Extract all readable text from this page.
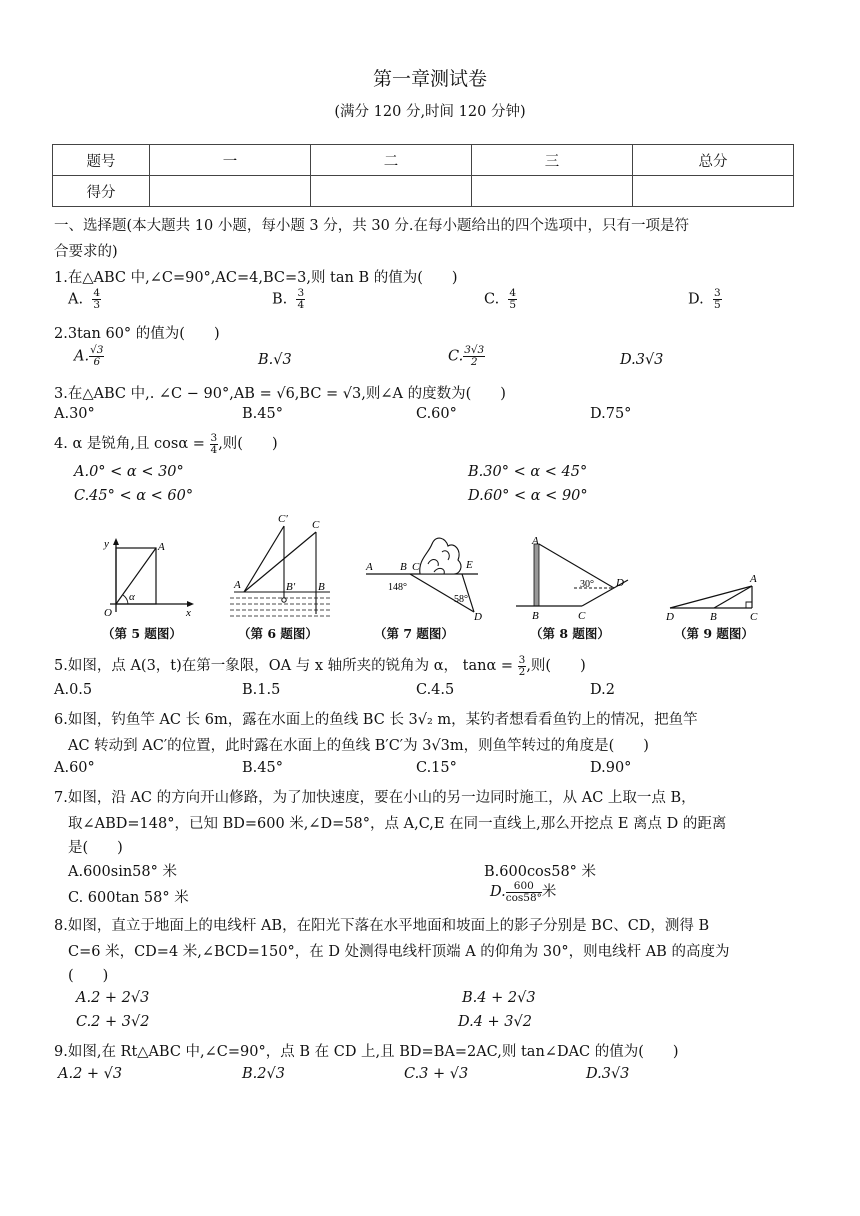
第一章测试卷
(满分 120 分,时间 120 分钟)
题号	一	二	三	总分
得分				
一、选择题(本大题共 10 小题，每小题 3 分，共 30 分.在每小题给出的四个选项中，只有一项是符
合要求的)
1.在△ABC 中,∠C=90°,AC=4,BC=3,则 tan B 的值为(　　)
A. $\frac{4}{3}$	B. $\frac{3}{4}$	C. $\frac{4}{5}$	D. $\frac{3}{5}$
2.3tan 60° 的值为(　　)
A. $\frac{√3}{6}$	B.√3	C. $\frac{3√3}{2}$	D.3√3
3.在△ABC 中,. ∠C − 90°,AB = √6,BC = √3,则∠A 的度数为(　　)
A.30°	B.45°	C.60°	D.75°
4. α 是锐角,且 $\cos\alpha = \frac{3}{4}$ ,则(　　)
A.0° < α < 30°	B.30° < α < 45°
C.45° < α < 60°	D.60° < α < 90°
y
x
O
A
α
（第 5 题图）
C′ C
A	B′ B
（第 6 题图）
A B C	E
D
148°
58°
（第 7 题图）
A
B	C
D
30°
（第 8 题图）
A
B	C
D
（第 9 题图）
5.如图，点 A(3，t)在第一象限，OA 与 x 轴所夹的锐角为 α， $\tan\alpha = \frac{3}{2}$ ,则(　　)
A.0.5	B.1.5	C.4.5	D.2
6.如图，钓鱼竿 AC 长 6m，露在水面上的鱼线 BC 长 3√₂ m，某钓者想看看鱼钓上的情况，把鱼竿
AC 转动到 AC′的位置，此时露在水面上的鱼线 B′C′为 3√3m，则鱼竿转过的角度是(　　)
A.60°	B.45°	C.15°	D.90°
7.如图，沿 AC 的方向开山修路，为了加快速度，要在小山的另一边同时施工，从 AC 上取一点 B，
取∠ABD=148°，已知 BD=600 米,∠D=58°，点 A,C,E 在同一直线上,那么开挖点 E 离点 D 的距离
是(　　)
A.600sin58° 米	B.600cos58° 米
C. 600tan 58° 米	D. $\frac{600}{\cos 58^\circ}$ 米
8.如图，直立于地面上的电线杆 AB，在阳光下落在水平地面和坡面上的影子分别是 BC、CD，测得 B
C=6 米，CD=4 米,∠BCD=150°，在 D 处测得电线杆顶端 A 的仰角为 30°，则电线杆 AB 的高度为
(　　)
A.2 + 2√3	B.4 + 2√3
C.2 + 3√2	D.4 + 3√2
9.如图,在 Rt△ABC 中,∠C=90°，点 B 在 CD 上,且 BD=BA=2AC,则 tan∠DAC 的值为(　　)
A.2 + √3	B.2√3	C.3 + √3	D.3√3
